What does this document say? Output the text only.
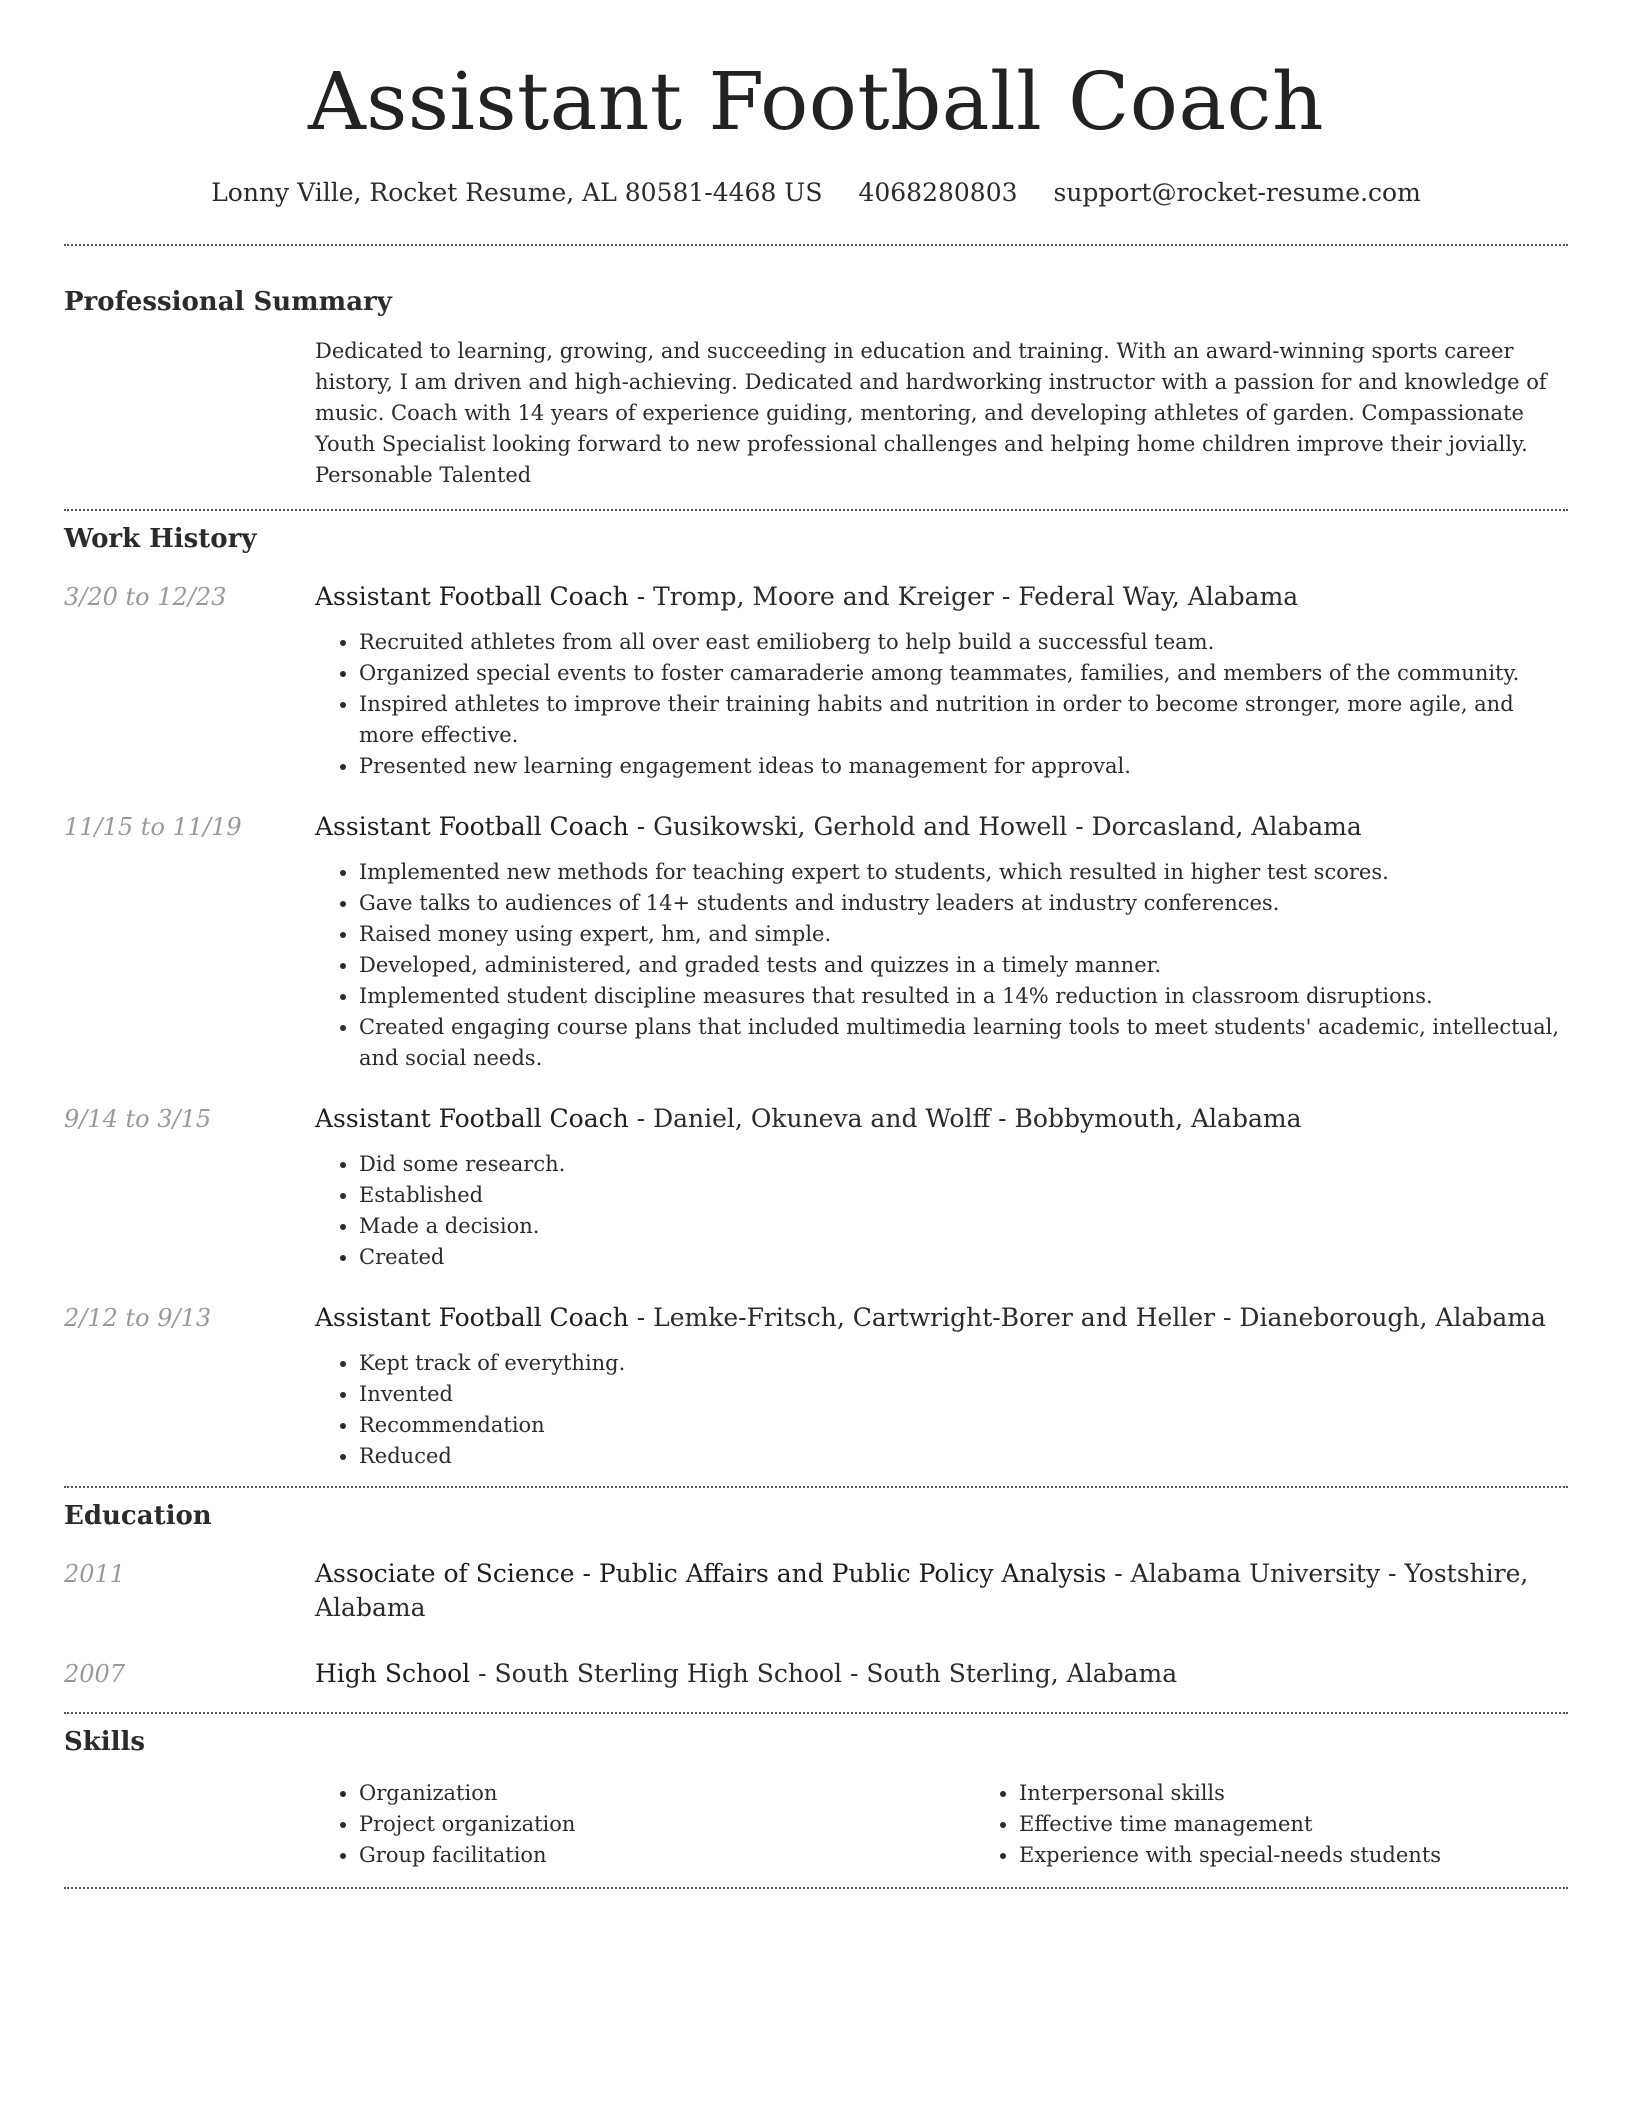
Assistant Football Coach
Lonny Ville, Rocket Resume, AL 80581-4468 US 4068280803 support@rocket-resume.com
Professional Summary
Dedicated to learning, growing, and succeeding in education and training. With an award-winning sports career history, I am driven and high-achieving. Dedicated and hardworking instructor with a passion for and knowledge of music. Coach with 14 years of experience guiding, mentoring, and developing athletes of garden. Compassionate Youth Specialist looking forward to new professional challenges and helping home children improve their jovially. Personable Talented
Work History
3/20 to 12/23	Assistant Football Coach - Tromp, Moore and Kreiger - Federal Way, Alabama
• Recruited athletes from all over east emilioberg to help build a successful team.
• Organized special events to foster camaraderie among teammates, families, and members of the community.
• Inspired athletes to improve their training habits and nutrition in order to become stronger, more agile, and more effective.
• Presented new learning engagement ideas to management for approval.
11/15 to 11/19	Assistant Football Coach - Gusikowski, Gerhold and Howell - Dorcasland, Alabama
• Implemented new methods for teaching expert to students, which resulted in higher test scores.
• Gave talks to audiences of 14+ students and industry leaders at industry conferences.
• Raised money using expert, hm, and simple.
• Developed, administered, and graded tests and quizzes in a timely manner.
• Implemented student discipline measures that resulted in a 14% reduction in classroom disruptions.
• Created engaging course plans that included multimedia learning tools to meet students' academic, intellectual, and social needs.
9/14 to 3/15	Assistant Football Coach - Daniel, Okuneva and Wolff - Bobbymouth, Alabama
• Did some research.
• Established
• Made a decision.
• Created
2/12 to 9/13	Assistant Football Coach - Lemke-Fritsch, Cartwright-Borer and Heller - Dianeborough, Alabama
• Kept track of everything.
• Invented
• Recommendation
• Reduced
Education
2011	Associate of Science - Public Affairs and Public Policy Analysis - Alabama University - Yostshire, Alabama
2007	High School - South Sterling High School - South Sterling, Alabama
Skills
• Organization
• Project organization
• Group facilitation
• Interpersonal skills
• Effective time management
• Experience with special-needs students
